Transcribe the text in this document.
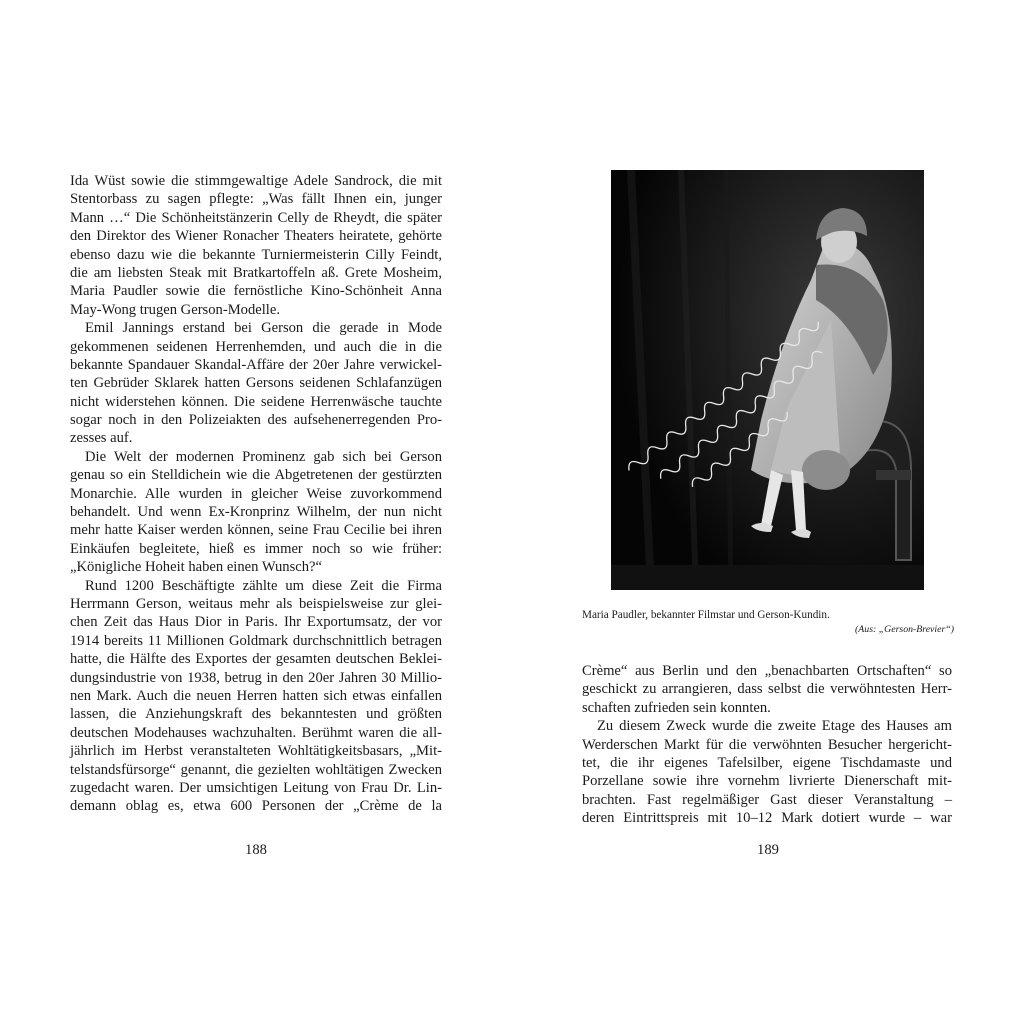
Ida Wüst sowie die stimmgewaltige Adele Sandrock, die mit
Stentorbass zu sagen pflegte: „Was fällt Ihnen ein, junger
Mann …“ Die Schönheitstänzerin Celly de Rheydt, die später
den Direktor des Wiener Ronacher Theaters heiratete, gehörte
ebenso dazu wie die bekannte Turniermeisterin Cilly Feindt,
die am liebsten Steak mit Bratkartoffeln aß. Grete Mosheim,
Maria Paudler sowie die fernöstliche Kino-Schönheit Anna
May-Wong trugen Gerson-Modelle.
Emil Jannings erstand bei Gerson die gerade in Mode
gekommenen seidenen Herrenhemden, und auch die in die
bekannte Spandauer Skandal-Affäre der 20er Jahre verwickel-
ten Gebrüder Sklarek hatten Gersons seidenen Schlafanzügen
nicht widerstehen können. Die seidene Herrenwäsche tauchte
sogar noch in den Polizeiakten des aufsehenerregenden Pro-
zesses auf.
Die Welt der modernen Prominenz gab sich bei Gerson
genau so ein Stelldichein wie die Abgetretenen der gestürzten
Monarchie. Alle wurden in gleicher Weise zuvorkommend
behandelt. Und wenn Ex-Kronprinz Wilhelm, der nun nicht
mehr hatte Kaiser werden können, seine Frau Cecilie bei ihren
Einkäufen begleitete, hieß es immer noch so wie früher:
„Königliche Hoheit haben einen Wunsch?“
Rund 1200 Beschäftigte zählte um diese Zeit die Firma
Herrmann Gerson, weitaus mehr als beispielsweise zur glei-
chen Zeit das Haus Dior in Paris. Ihr Exportumsatz, der vor
1914 bereits 11 Millionen Goldmark durchschnittlich betragen
hatte, die Hälfte des Exportes der gesamten deutschen Beklei-
dungsindustrie von 1938, betrug in den 20er Jahren 30 Millio-
nen Mark. Auch die neuen Herren hatten sich etwas einfallen
lassen, die Anziehungskraft des bekanntesten und größten
deutschen Modehauses wachzuhalten. Berühmt waren die all-
jährlich im Herbst veranstalteten Wohltätigkeitsbasars, „Mit-
telstandsfürsorge“ genannt, die gezielten wohltätigen Zwecken
zugedacht waren. Der umsichtigen Leitung von Frau Dr. Lin-
demann oblag es, etwa 600 Personen der „Crème de la
188
Maria Paudler, bekannter Filmstar und Gerson-Kundin.
(Aus: „Gerson-Brevier“)
Crème“ aus Berlin und den „benachbarten Ortschaften“ so
geschickt zu arrangieren, dass selbst die verwöhntesten Herr-
schaften zufrieden sein konnten.
Zu diesem Zweck wurde die zweite Etage des Hauses am
Werderschen Markt für die verwöhnten Besucher hergericht-
tet, die ihr eigenes Tafelsilber, eigene Tischdamaste und
Porzellane sowie ihre vornehm livrierte Dienerschaft mit-
brachten. Fast regelmäßiger Gast dieser Veranstaltung –
deren Eintrittspreis mit 10–12 Mark dotiert wurde – war
189
